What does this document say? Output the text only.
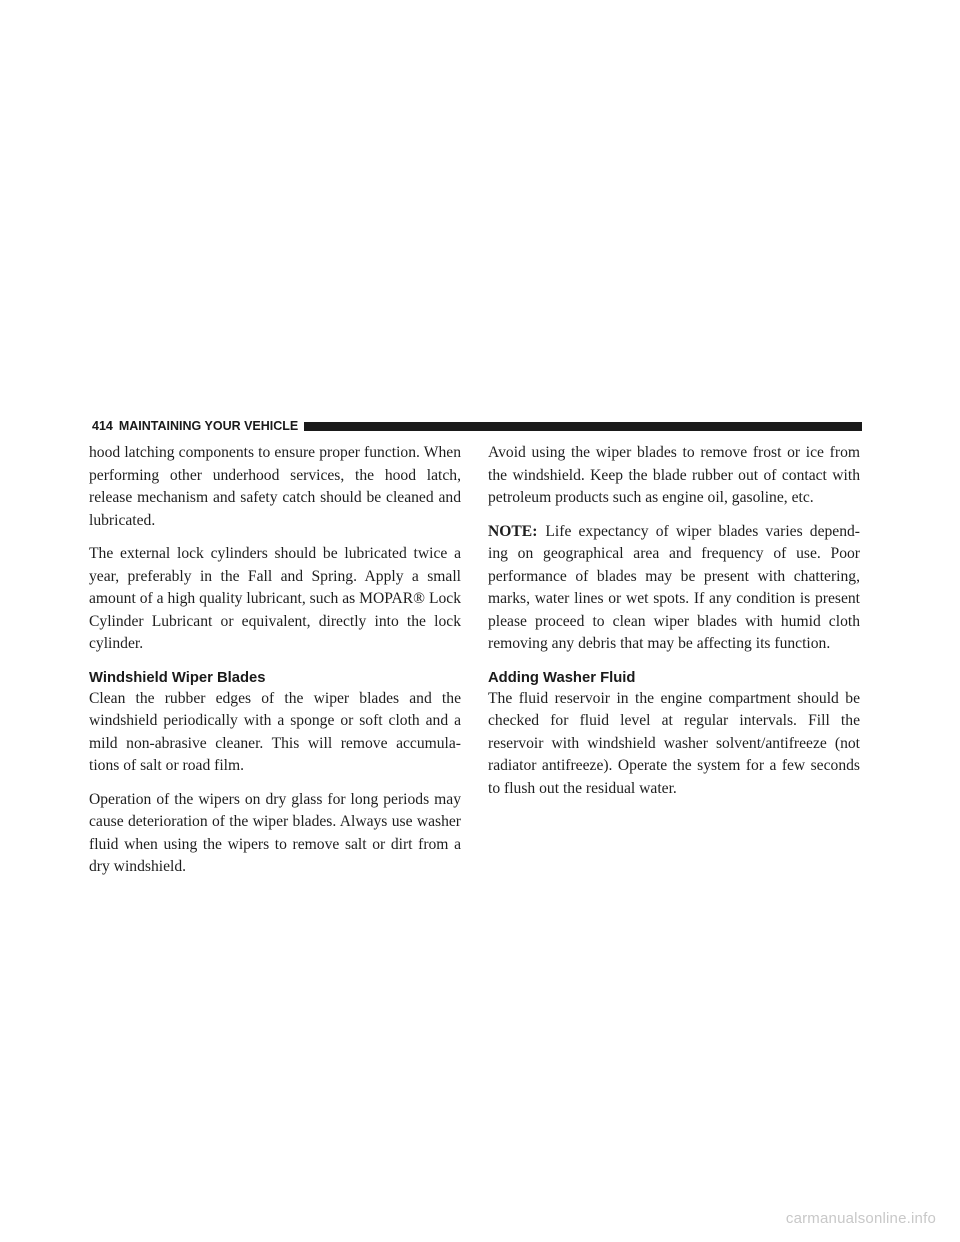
414 MAINTAINING YOUR VEHICLE

hood latching components to ensure proper function. When performing other underhood services, the hood latch, release mechanism and safety catch should be cleaned and lubricated.

The external lock cylinders should be lubricated twice a year, preferably in the Fall and Spring. Apply a small amount of a high quality lubricant, such as MOPAR® Lock Cylinder Lubricant or equivalent, directly into the lock cylinder.

Windshield Wiper Blades

Clean the rubber edges of the wiper blades and the windshield periodically with a sponge or soft cloth and a mild non-abrasive cleaner. This will remove accumula-tions of salt or road film.

Operation of the wipers on dry glass for long periods may cause deterioration of the wiper blades. Always use washer fluid when using the wipers to remove salt or dirt from a dry windshield.

Avoid using the wiper blades to remove frost or ice from the windshield. Keep the blade rubber out of contact with petroleum products such as engine oil, gasoline, etc.

NOTE: Life expectancy of wiper blades varies depend-ing on geographical area and frequency of use. Poor performance of blades may be present with chattering, marks, water lines or wet spots. If any condition is present please proceed to clean wiper blades with humid cloth removing any debris that may be affecting its function.

Adding Washer Fluid

The fluid reservoir in the engine compartment should be checked for fluid level at regular intervals. Fill the reservoir with windshield washer solvent/antifreeze (not radiator antifreeze). Operate the system for a few seconds to flush out the residual water.

carmanualsonline.info
